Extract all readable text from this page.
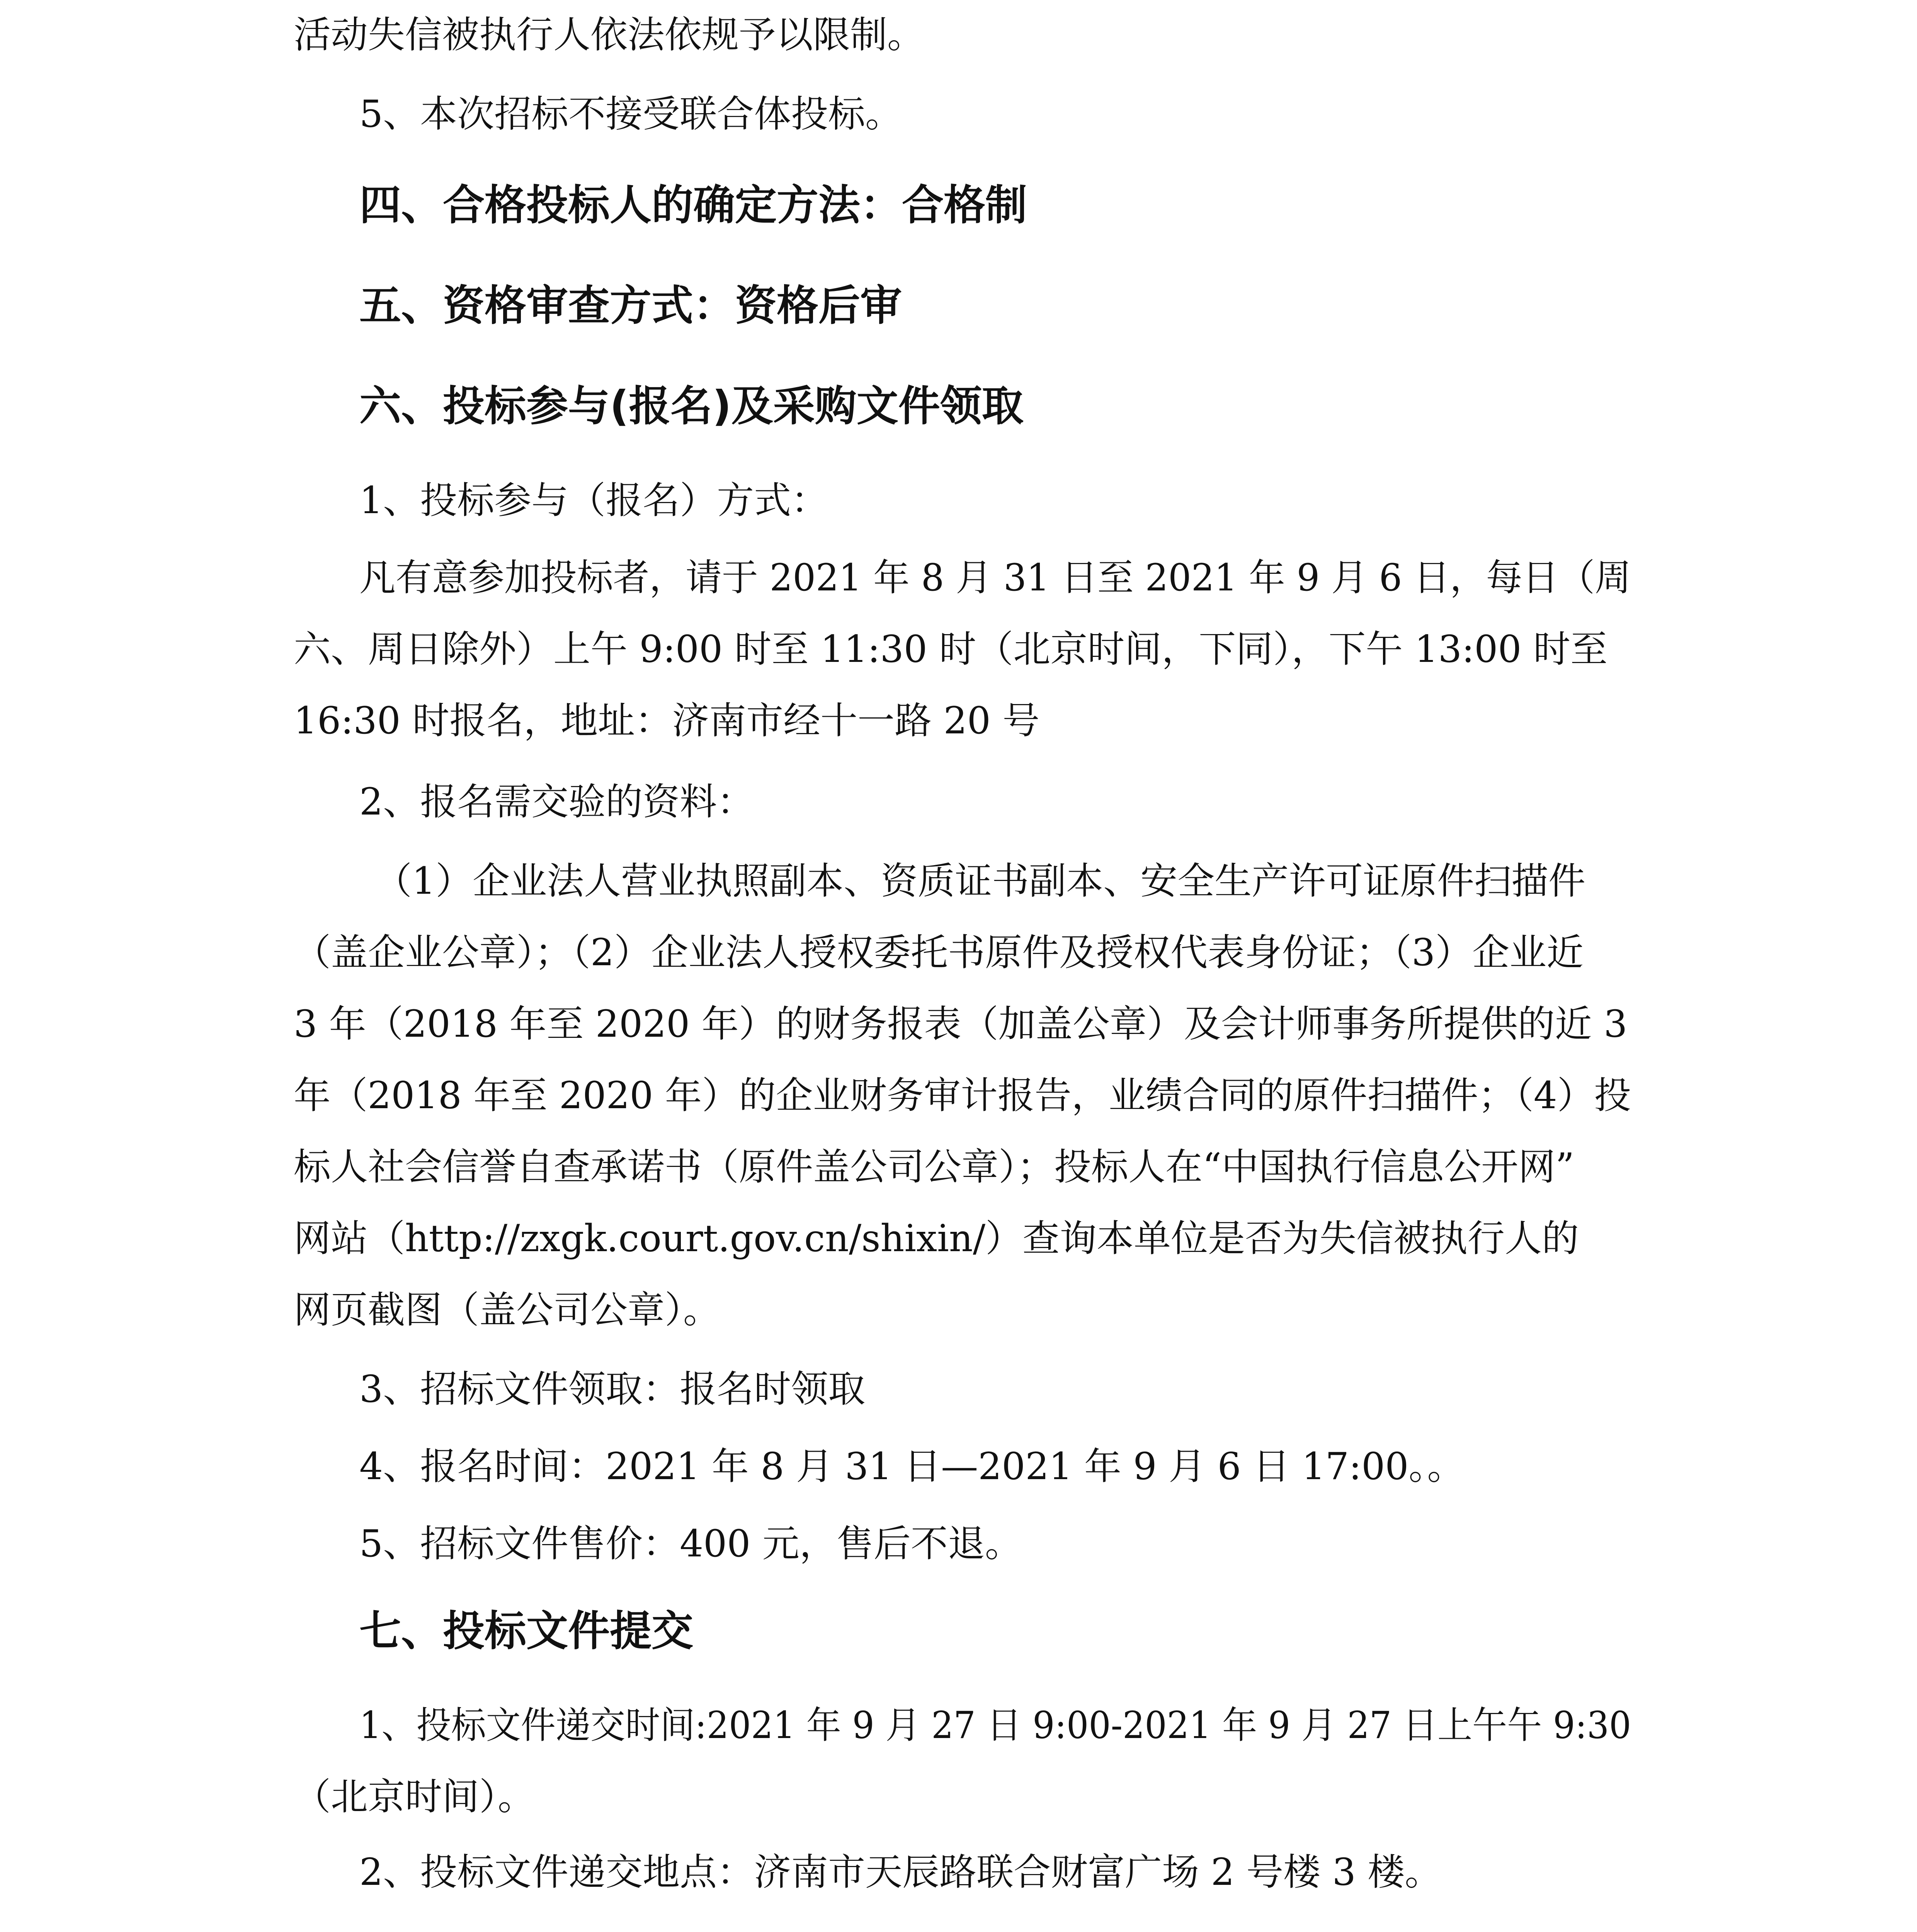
活动失信被执行人依法依规予以限制。
5、本次招标不接受联合体投标。
四、合格投标人的确定方法：合格制
五、资格审查方式：资格后审
六、投标参与(报名)及采购文件领取
1、投标参与（报名）方式：
凡有意参加投标者，请于 2021 年 8 月 31 日至 2021 年 9 月 6 日，每日（周
六、周日除外）上午 9:00 时至 11:30 时（北京时间，下同），下午 13:00 时至
16:30 时报名，地址：济南市经十一路 20 号
2、报名需交验的资料：
（1）企业法人营业执照副本、资质证书副本、安全生产许可证原件扫描件
（盖企业公章）；（2）企业法人授权委托书原件及授权代表身份证；（3）企业近
3 年（2018 年至 2020 年）的财务报表（加盖公章）及会计师事务所提供的近 3
年（2018 年至 2020 年）的企业财务审计报告，业绩合同的原件扫描件；（4）投
标人社会信誉自查承诺书（原件盖公司公章）；投标人在“中国执行信息公开网”
网站（http://zxgk.court.gov.cn/shixin/）查询本单位是否为失信被执行人的
网页截图（盖公司公章）。
3、招标文件领取：报名时领取
4、报名时间：2021 年 8 月 31 日—2021 年 9 月 6 日 17:00。。
5、招标文件售价：400 元，售后不退。
七、投标文件提交
1、投标文件递交时间:2021 年 9 月 27 日 9:00-2021 年 9 月 27 日上午午 9:30
（北京时间）。
2、投标文件递交地点：济南市天辰路联合财富广场 2 号楼 3 楼。
